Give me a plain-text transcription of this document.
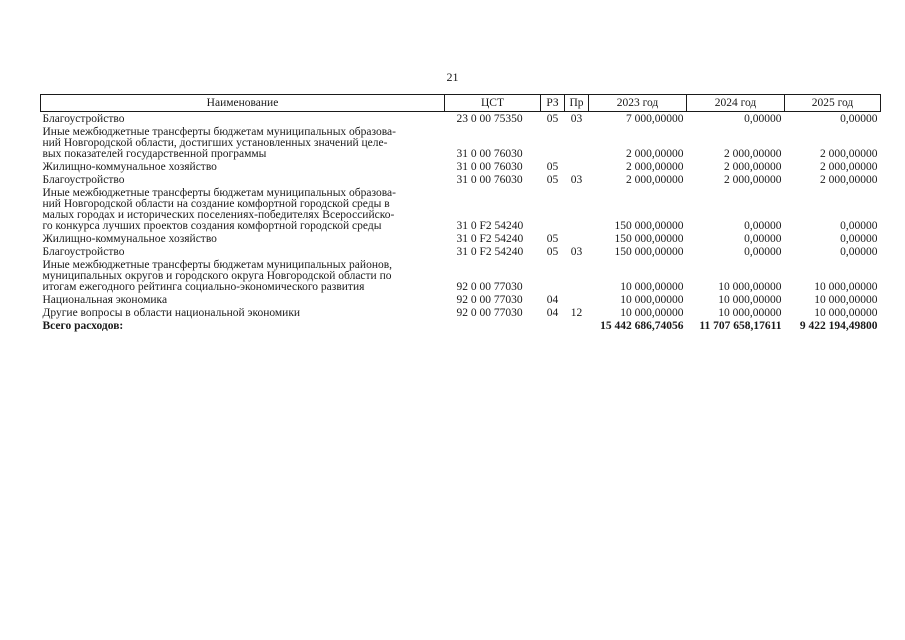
21
Наименование	ЦСТ	РЗ	Пр	2023 год	2024 год	2025 год
Благоустройство	23 0 00 75350	05	03	7 000,00000	0,00000	0,00000
Иные межбюджетные трансферты бюджетам муниципальных образова-
ний Новгородской области, достигших установленных значений целе-
вых показателей государственной программы	31 0 00 76030			2 000,00000	2 000,00000	2 000,00000
Жилищно-коммунальное хозяйство	31 0 00 76030	05		2 000,00000	2 000,00000	2 000,00000
Благоустройство	31 0 00 76030	05	03	2 000,00000	2 000,00000	2 000,00000
Иные межбюджетные трансферты бюджетам муниципальных образова-
ний Новгородской области на создание комфортной городской среды в
малых городах и исторических поселениях-победителях Всероссийско-
го конкурса лучших проектов создания комфортной городской среды	31 0 F2 54240			150 000,00000	0,00000	0,00000
Жилищно-коммунальное хозяйство	31 0 F2 54240	05		150 000,00000	0,00000	0,00000
Благоустройство	31 0 F2 54240	05	03	150 000,00000	0,00000	0,00000
Иные межбюджетные трансферты бюджетам муниципальных районов,
муниципальных округов и городского округа Новгородской области по
итогам ежегодного рейтинга социально-экономического развития	92 0 00 77030			10 000,00000	10 000,00000	10 000,00000
Национальная экономика	92 0 00 77030	04		10 000,00000	10 000,00000	10 000,00000
Другие вопросы в области национальной экономики	92 0 00 77030	04	12	10 000,00000	10 000,00000	10 000,00000
Всего расходов:				15 442 686,74056	11 707 658,17611	9 422 194,49800
